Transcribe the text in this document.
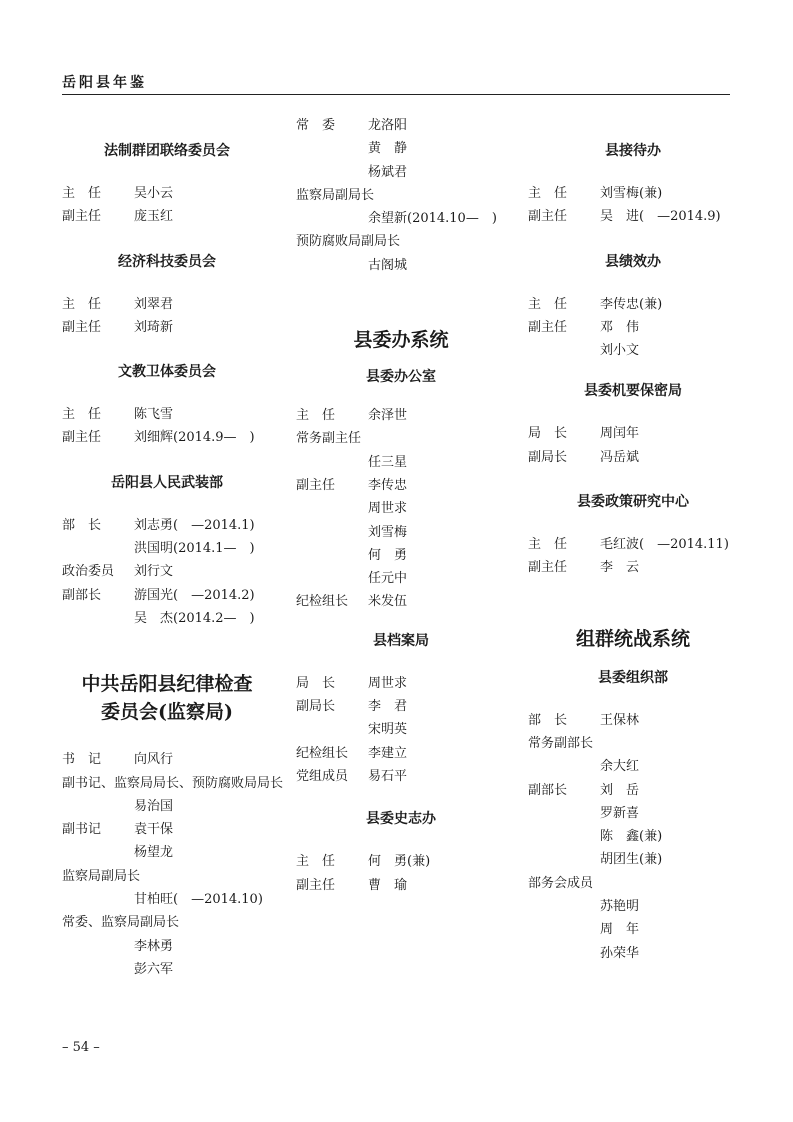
岳阳县年鉴
法制群团联络委员会
主　任	吴小云
副主任	庞玉红
经济科技委员会
主　任	刘翠君
副主任	刘琦新
文教卫体委员会
主　任	陈飞雪
副主任	刘细辉(2014.9—　)
岳阳县人民武装部
部　长	刘志勇(　—2014.1)
洪国明(2014.1—　)
政治委员 刘行文
副部长	游国光(　—2014.2)
吴　杰(2014.2—　)
中共岳阳县纪律检查
委员会(监察局)
书　记	向风行
副书记、监察局局长、预防腐败局局长
易治国
副书记	袁干保
杨望龙
监察局副局长
甘柏旺(　—2014.10)
常委、监察局副局长
李林勇
彭六军
常　委	龙洛阳
黄　静
杨斌君
监察局副局长
余望新(2014.10—　)
预防腐败局副局长
古阁城
县委办系统
县委办公室
主　任	余泽世
常务副主任
任三星
副主任	李传忠
周世求
刘雪梅
何　勇
任元中
纪检组长 米发伍
县档案局
局　长	周世求
副局长	李　君
宋明英
纪检组长 李建立
党组成员 易石平
县委史志办
主　任	何　勇(兼)
副主任	曹　瑜
县接待办
主　任	刘雪梅(兼)
副主任	吴　进(　—2014.9)
县绩效办
主　任	李传忠(兼)
副主任	邓　伟
刘小文
县委机要保密局
局　长	周闰年
副局长	冯岳斌
县委政策研究中心
主　任	毛红波(　—2014.11)
副主任	李　云
组群统战系统
县委组织部
部　长	王保林
常务副部长
余大红
副部长	刘　岳
罗新喜
陈　鑫(兼)
胡团生(兼)
部务会成员
苏艳明
周　年
孙荣华
– 54 –
